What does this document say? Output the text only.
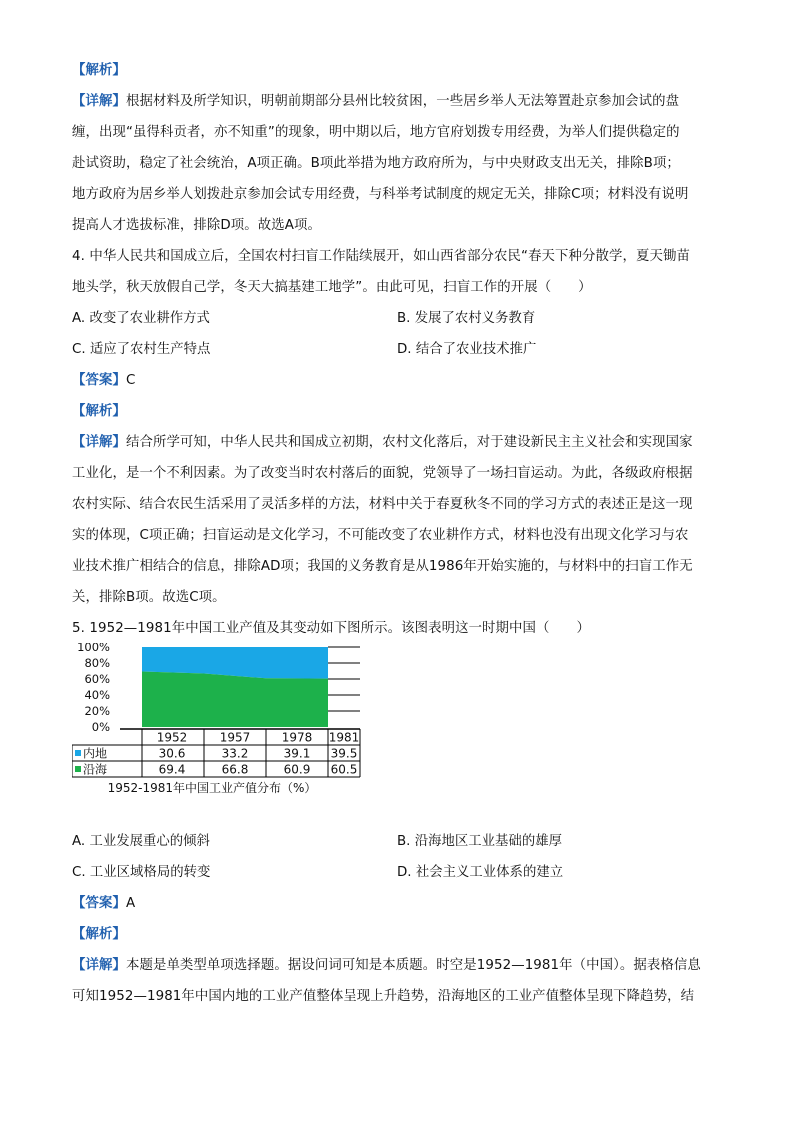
【解析】
【详解】根据材料及所学知识，明朝前期部分县州比较贫困，一些居乡举人无法筹置赴京参加会试的盘
缠，出现“虽得科贡者，亦不知重”的现象，明中期以后，地方官府划拨专用经费，为举人们提供稳定的
赴试资助，稳定了社会统治，A项正确。B项此举措为地方政府所为，与中央财政支出无关，排除B项；
地方政府为居乡举人划拨赴京参加会试专用经费，与科举考试制度的规定无关，排除C项；材料没有说明
提高人才选拔标准，排除D项。故选A项。
4. 中华人民共和国成立后，全国农村扫盲工作陆续展开，如山西省部分农民“春天下种分散学，夏天锄苗
地头学，秋天放假自己学，冬天大搞基建工地学”。由此可见，扫盲工作的开展（　　）
A. 改变了农业耕作方式	B. 发展了农村义务教育
C. 适应了农村生产特点	D. 结合了农业技术推广
【答案】C
【解析】
【详解】结合所学可知，中华人民共和国成立初期，农村文化落后，对于建设新民主主义社会和实现国家
工业化，是一个不利因素。为了改变当时农村落后的面貌，党领导了一场扫盲运动。为此，各级政府根据
农村实际、结合农民生活采用了灵活多样的方法，材料中关于春夏秋冬不同的学习方式的表述正是这一现
实的体现，C项正确；扫盲运动是文化学习，不可能改变了农业耕作方式，材料也没有出现文化学习与农
业技术推广相结合的信息，排除AD项；我国的义务教育是从1986年开始实施的，与材料中的扫盲工作无
关，排除B项。故选C项。
5. 1952—1981年中国工业产值及其变动如下图所示。该图表明这一时期中国（　　）
100%
80%
60%
40%
20%
0%
1952	1957	1978 1981
内地	30.6	33.2	39.1 39.5
沿海	69.4	66.8	60.9 60.5
1952-1981年中国工业产值分布（%）
A. 工业发展重心的倾斜	B. 沿海地区工业基础的雄厚
C. 工业区域格局的转变	D. 社会主义工业体系的建立
【答案】A
【解析】
【详解】本题是单类型单项选择题。据设问词可知是本质题。时空是1952—1981年（中国）。据表格信息
可知1952—1981年中国内地的工业产值整体呈现上升趋势，沿海地区的工业产值整体呈现下降趋势，结
